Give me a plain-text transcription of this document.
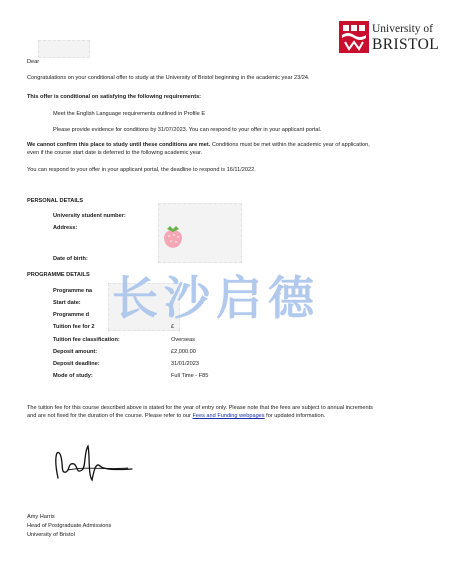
University of
BRISTOL
Dear
Congratulations on your conditional offer to study at the University of Bristol beginning in the academic year 23/24.
This offer is conditional on satisfying the following requirements:
Meet the English Language requirements outlined in Profile E
Please provide evidence for conditions by 31/07/2023. You can respond to your offer in your applicant portal.
We cannot confirm this place to study until these conditions are met. Conditions must be met within the academic year of application,
even if the course start date is deferred to the following academic year.
You can respond to your offer in your applicant portal, the deadline to respond is 16/11/2022.
PERSONAL DETAILS
University student number:
Address:
Date of birth:
PROGRAMME DETAILS
Programme na
Start date:
Programme d
Tuition fee for 2	£
Tuition fee classification:	Overseas
Deposit amount:	£2,000.00
Deposit deadline:	31/01/2023
Mode of study:	Full Time - F85
The tuition fee for this course described above is stated for the year of entry only. Please note that the fees are subject to annual increments
and are not fixed for the duration of the course. Please refer to our Fees and Funding webpages for updated information.
Amy Harris
Head of Postgraduate Admissions
University of Bristol
长沙启德
